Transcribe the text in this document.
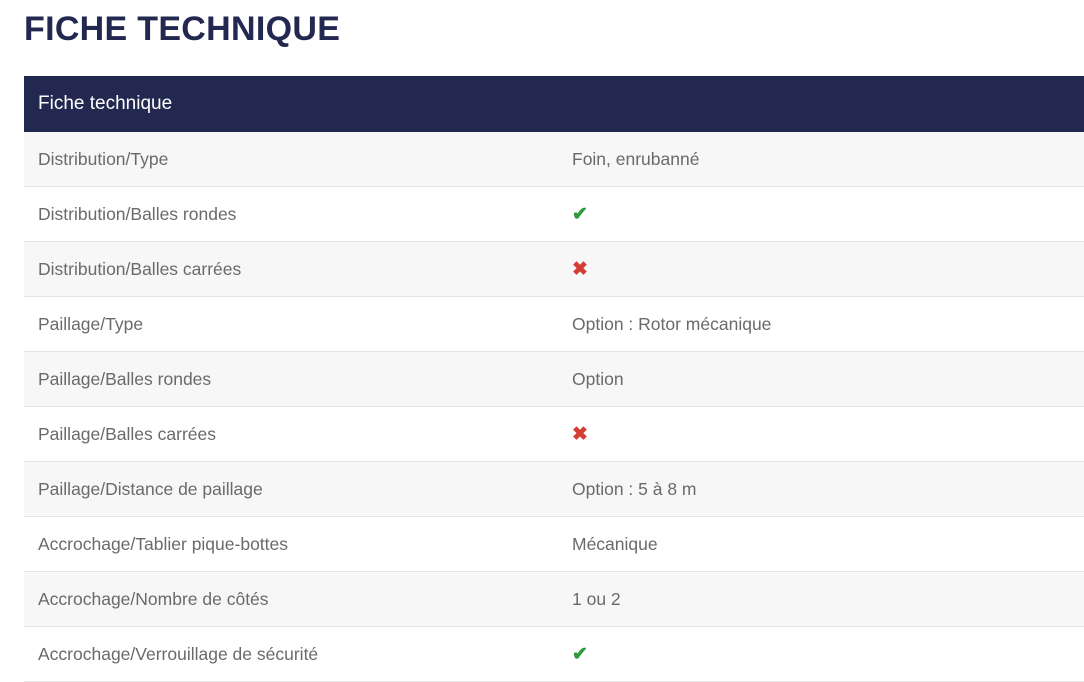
FICHE TECHNIQUE
Fiche technique	
Distribution/Type	Foin, enrubanné
Distribution/Balles rondes	✔
Distribution/Balles carrées	✖
Paillage/Type	Option : Rotor mécanique
Paillage/Balles rondes	Option
Paillage/Balles carrées	✖
Paillage/Distance de paillage	Option : 5 à 8 m
Accrochage/Tablier pique-bottes	Mécanique
Accrochage/Nombre de côtés	1 ou 2
Accrochage/Verrouillage de sécurité	✔
